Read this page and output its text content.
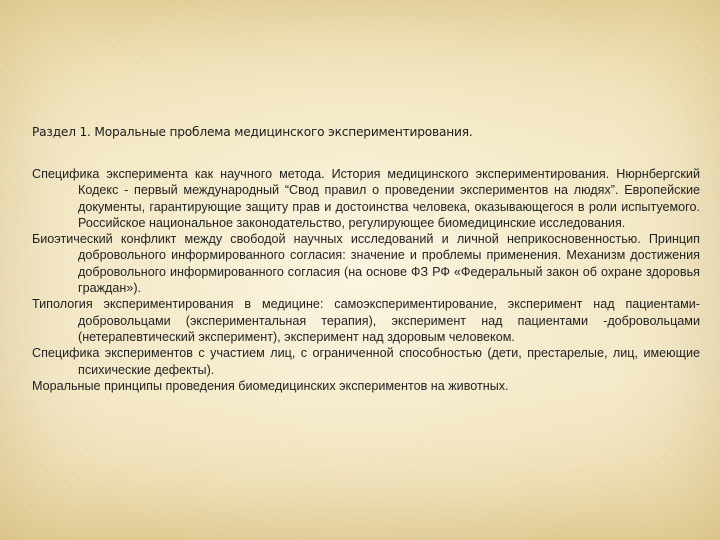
Раздел 1. Моральные проблема медицинского экспериментирования.
Специфика эксперимента как научного метода. История медицинского экспериментирования. Нюрнбергский Кодекс - первый международный “Свод правил о проведении экспериментов на людях”. Европейские документы, гарантирующие защиту прав и достоинства человека, оказывающегося в роли испытуемого. Российское национальное законодательство, регулирующее биомедицинские исследования.
Биоэтический конфликт между свободой научных исследований и личной неприкосновенностью. Принцип добровольного информированного согласия: значение и проблемы применения. Механизм достижения добровольного информированного согласия (на основе ФЗ РФ «Федеральный закон об охране здоровья граждан»).
Типология экспериментирования в медицине: самоэкспериментирование, эксперимент над пациентами-добровольцами (экспериментальная терапия), эксперимент над пациентами -добровольцами (нетерапевтический эксперимент), эксперимент над здоровым человеком.
Специфика экспериментов с участием лиц, с ограниченной способностью (дети, престарелые, лиц, имеющие психические дефекты).
Моральные принципы проведения биомедицинских экспериментов на животных.
